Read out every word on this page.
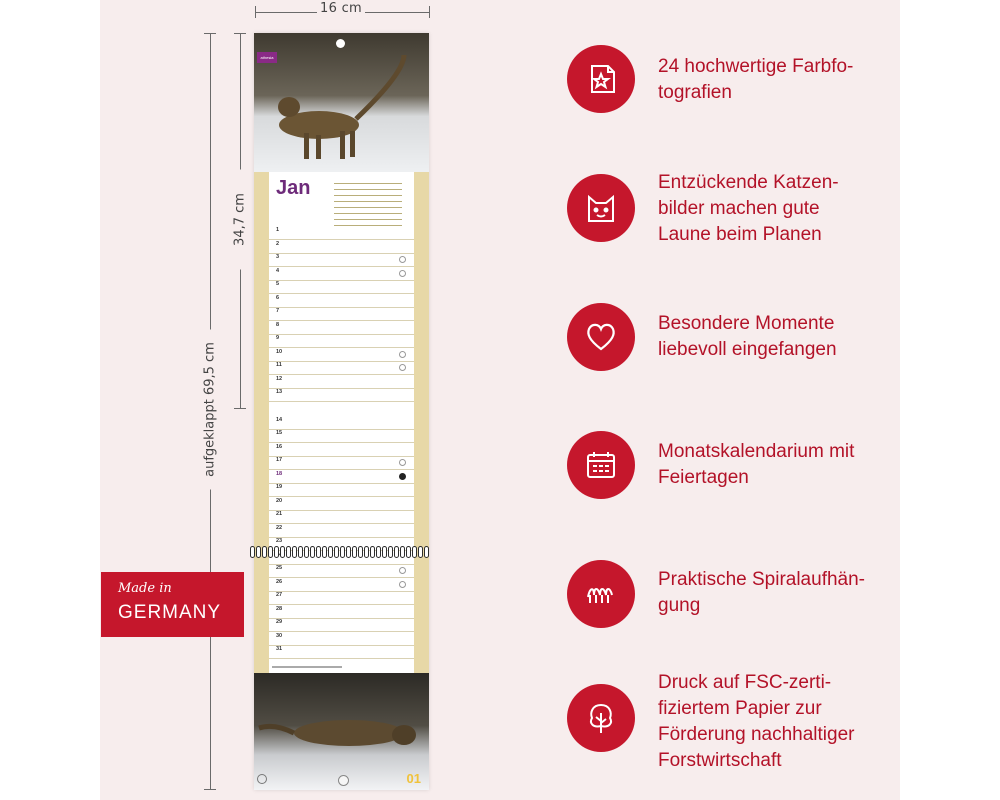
16 cm
34,7 cm
aufgeklappt 69,5 cm
athesia
Jan
1
2
3
4
5
6
7
8
9
10
11
12
13
14
15
16
17
18
19
20
21
22
23
25
26
27
28
29
30
31
01
Made in
GERMANY
24 hochwertige Farbfo-
tografien
Entzückende Katzen-
bilder machen gute
Laune beim Planen
Besondere Momente
liebevoll eingefangen
Monatskalendarium mit
Feiertagen
Praktische Spiralaufhän-
gung
Druck auf FSC-zerti-
fiziertem Papier zur
Förderung nachhaltiger
Forstwirtschaft
